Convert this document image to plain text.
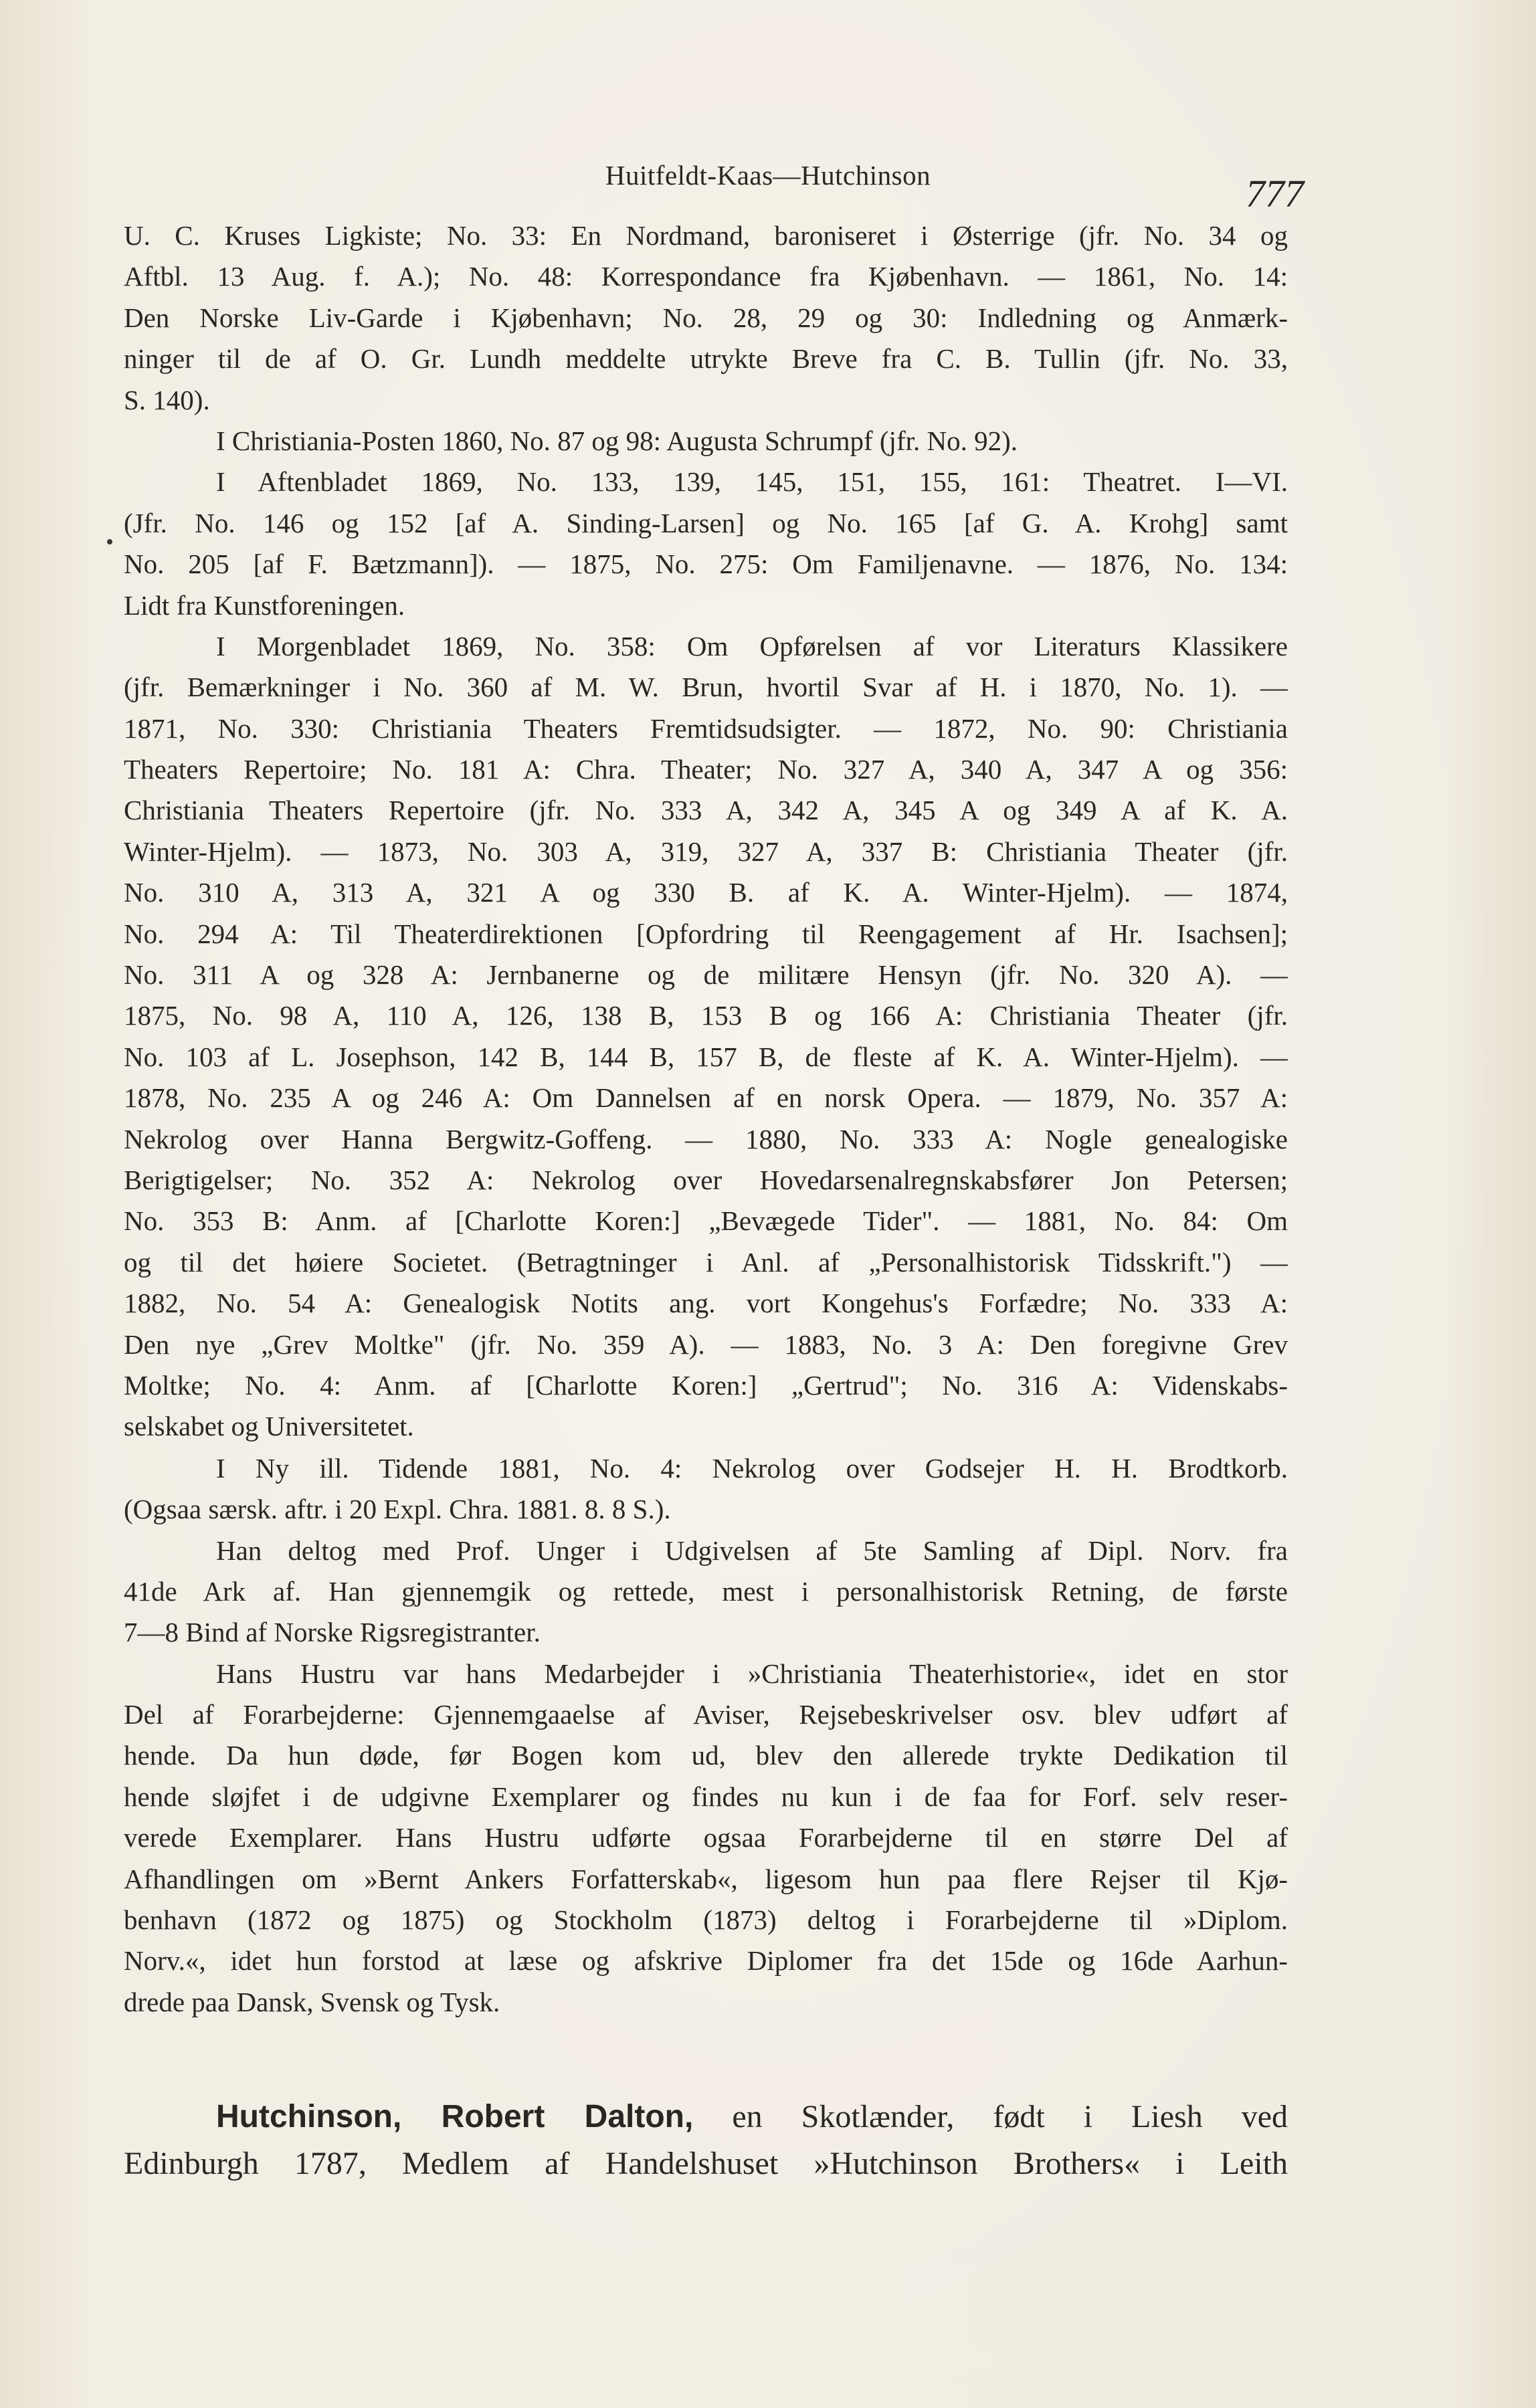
Huitfeldt-Kaas—Hutchinson	777
U. C. Kruses Ligkiste; No. 33: En Nordmand, baroniseret i Østerrige (jfr. No. 34 og
Aftbl. 13 Aug. f. A.); No. 48: Korrespondance fra Kjøbenhavn. — 1861, No. 14:
Den Norske Liv-Garde i Kjøbenhavn; No. 28, 29 og 30: Indledning og Anmærk-
ninger til de af O. Gr. Lundh meddelte utrykte Breve fra C. B. Tullin (jfr. No. 33,
S. 140).
I Christiania-Posten 1860, No. 87 og 98: Augusta Schrumpf (jfr. No. 92).
I Aftenbladet 1869, No. 133, 139, 145, 151, 155, 161: Theatret. I—VI.
(Jfr. No. 146 og 152 [af A. Sinding-Larsen] og No. 165 [af G. A. Krohg] samt
No. 205 [af F. Bætzmann]). — 1875, No. 275: Om Familjenavne. — 1876, No. 134:
Lidt fra Kunstforeningen.
I Morgenbladet 1869, No. 358: Om Opførelsen af vor Literaturs Klassikere
(jfr. Bemærkninger i No. 360 af M. W. Brun, hvortil Svar af H. i 1870, No. 1). —
1871, No. 330: Christiania Theaters Fremtidsudsigter. — 1872, No. 90: Christiania
Theaters Repertoire; No. 181 A: Chra. Theater; No. 327 A, 340 A, 347 A og 356:
Christiania Theaters Repertoire (jfr. No. 333 A, 342 A, 345 A og 349 A af K. A.
Winter-Hjelm). — 1873, No. 303 A, 319, 327 A, 337 B: Christiania Theater (jfr.
No. 310 A, 313 A, 321 A og 330 B. af K. A. Winter-Hjelm). — 1874,
No. 294 A: Til Theaterdirektionen [Opfordring til Reengagement af Hr. Isachsen];
No. 311 A og 328 A: Jernbanerne og de militære Hensyn (jfr. No. 320 A). —
1875, No. 98 A, 110 A, 126, 138 B, 153 B og 166 A: Christiania Theater (jfr.
No. 103 af L. Josephson, 142 B, 144 B, 157 B, de fleste af K. A. Winter-Hjelm). —
1878, No. 235 A og 246 A: Om Dannelsen af en norsk Opera. — 1879, No. 357 A:
Nekrolog over Hanna Bergwitz-Goffeng. — 1880, No. 333 A: Nogle genealogiske
Berigtigelser; No. 352 A: Nekrolog over Hovedarsenalregnskabsfører Jon Petersen;
No. 353 B: Anm. af [Charlotte Koren:] „Bevægede Tider". — 1881, No. 84: Om
og til det høiere Societet. (Betragtninger i Anl. af „Personalhistorisk Tidsskrift.") —
1882, No. 54 A: Genealogisk Notits ang. vort Kongehus's Forfædre; No. 333 A:
Den nye „Grev Moltke" (jfr. No. 359 A). — 1883, No. 3 A: Den foregivne Grev
Moltke; No. 4: Anm. af [Charlotte Koren:] „Gertrud"; No. 316 A: Videnskabs-
selskabet og Universitetet.
I Ny ill. Tidende 1881, No. 4: Nekrolog over Godsejer H. H. Brodtkorb.
(Ogsaa særsk. aftr. i 20 Expl. Chra. 1881. 8. 8 S.).
Han deltog med Prof. Unger i Udgivelsen af 5te Samling af Dipl. Norv. fra
41de Ark af. Han gjennemgik og rettede, mest i personalhistorisk Retning, de første
7—8 Bind af Norske Rigsregistranter.
Hans Hustru var hans Medarbejder i »Christiania Theaterhistorie«, idet en stor
Del af Forarbejderne: Gjennemgaaelse af Aviser, Rejsebeskrivelser osv. blev udført af
hende. Da hun døde, før Bogen kom ud, blev den allerede trykte Dedikation til
hende sløjfet i de udgivne Exemplarer og findes nu kun i de faa for Forf. selv reser-
verede Exemplarer. Hans Hustru udførte ogsaa Forarbejderne til en større Del af
Afhandlingen om »Bernt Ankers Forfatterskab«, ligesom hun paa flere Rejser til Kjø-
benhavn (1872 og 1875) og Stockholm (1873) deltog i Forarbejderne til »Diplom.
Norv.«, idet hun forstod at læse og afskrive Diplomer fra det 15de og 16de Aarhun-
drede paa Dansk, Svensk og Tysk.
Hutchinson, Robert Dalton, en Skotlænder, født i Liesh ved
Edinburgh 1787, Medlem af Handelshuset »Hutchinson Brothers« i Leith
